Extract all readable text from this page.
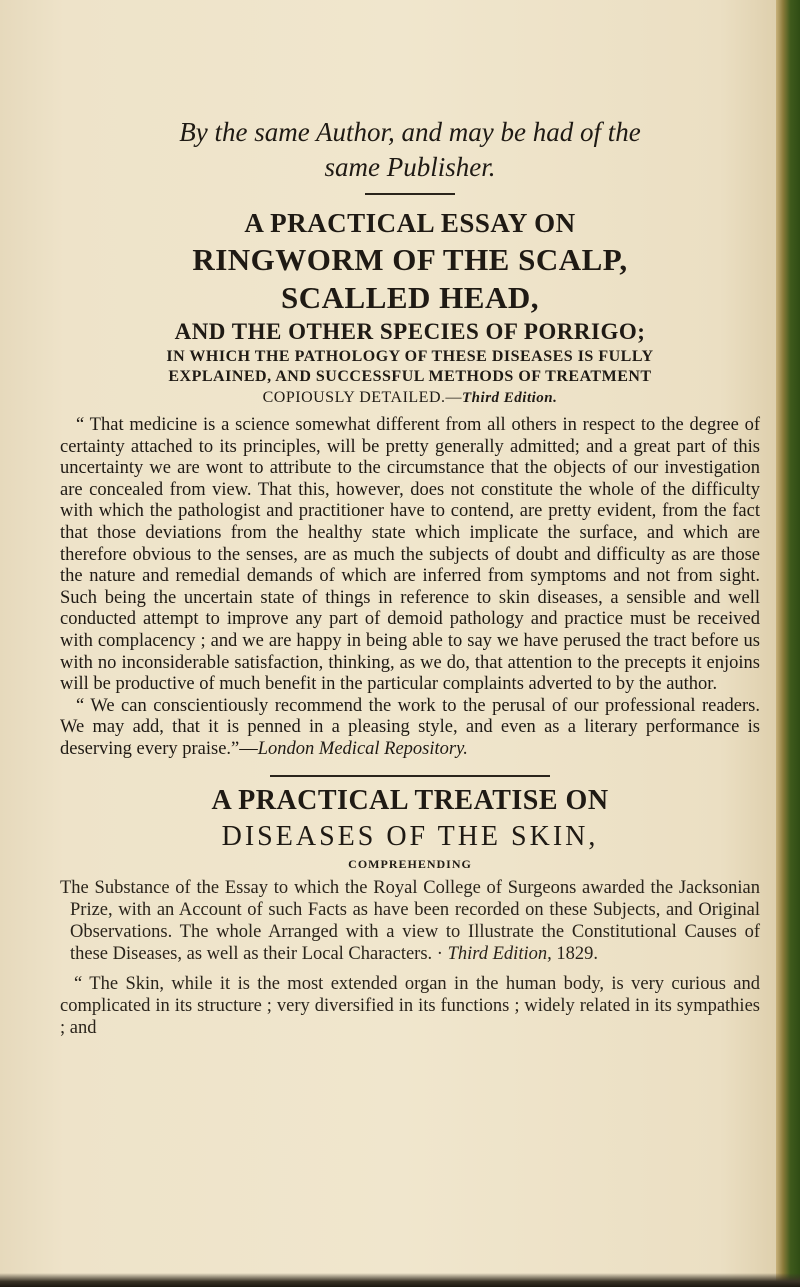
By the same Author, and may be had of the

same Publisher.

A PRACTICAL ESSAY ON

RINGWORM OF THE SCALP,

SCALLED HEAD,

AND THE OTHER SPECIES OF PORRIGO;

IN WHICH THE PATHOLOGY OF THESE DISEASES IS FULLY

EXPLAINED, AND SUCCESSFUL METHODS OF TREATMENT

COPIOUSLY DETAILED.—Third Edition.

“ That medicine is a science somewhat different from all others in respect to the degree of certainty attached to its principles, will be pretty generally admitted; and a great part of this uncertainty we are wont to attribute to the circumstance that the objects of our investigation are concealed from view. That this, however, does not constitute the whole of the difficulty with which the pathologist and practitioner have to contend, are pretty evident, from the fact that those deviations from the healthy state which implicate the surface, and which are therefore obvious to the senses, are as much the subjects of doubt and difficulty as are those the nature and remedial demands of which are inferred from symptoms and not from sight. Such being the uncertain state of things in reference to skin diseases, a sensible and well conducted attempt to improve any part of demoid pathology and practice must be received with complacency ; and we are happy in being able to say we have perused the tract before us with no inconsiderable satisfaction, thinking, as we do, that attention to the precepts it enjoins will be productive of much benefit in the particular complaints adverted to by the author.

“ We can conscientiously recommend the work to the perusal of our professional readers. We may add, that it is penned in a pleasing style, and even as a literary performance is deserving every praise.”—London Medical Repository.

A PRACTICAL TREATISE ON

DISEASES OF THE SKIN,

COMPREHENDING

The Substance of the Essay to which the Royal College of Surgeons awarded the Jacksonian Prize, with an Account of such Facts as have been recorded on these Subjects, and Original Observations. The whole Arranged with a view to Illustrate the Constitutional Causes of these Diseases, as well as their Local Characters. · Third Edition, 1829.

“ The Skin, while it is the most extended organ in the human body, is very curious and complicated in its structure ; very diversified in its functions ; widely related in its sympathies ; and
